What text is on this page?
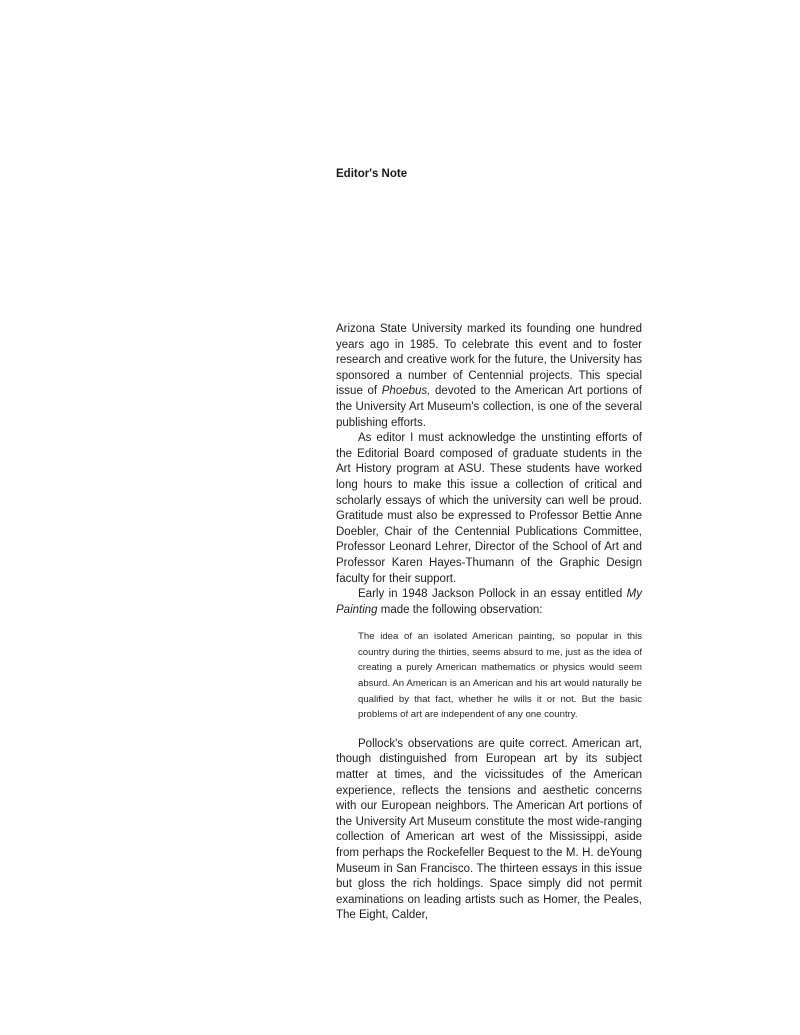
Editor's Note

Arizona State University marked its founding one hundred years ago in 1985. To celebrate this event and to foster research and creative work for the future, the University has sponsored a number of Centennial projects. This special issue of Phoebus, devoted to the American Art portions of the University Art Museum's collection, is one of the several publishing efforts.

As editor I must acknowledge the unstinting efforts of the Editorial Board composed of graduate students in the Art History program at ASU. These students have worked long hours to make this issue a collection of critical and scholarly essays of which the university can well be proud. Gratitude must also be expressed to Professor Bettie Anne Doebler, Chair of the Centennial Publications Committee, Professor Leonard Lehrer, Director of the School of Art and Professor Karen Hayes-Thumann of the Graphic Design faculty for their support.

Early in 1948 Jackson Pollock in an essay entitled My Painting made the following observation:

The idea of an isolated American painting, so popular in this country during the thirties, seems absurd to me, just as the idea of creating a purely American mathematics or physics would seem absurd. An American is an American and his art would naturally be qualified by that fact, whether he wills it or not. But the basic problems of art are independent of any one country.

Pollock's observations are quite correct. American art, though distinguished from European art by its subject matter at times, and the vicissitudes of the American experience, reflects the tensions and aesthetic concerns with our European neighbors. The American Art portions of the University Art Museum constitute the most wide-ranging collection of American art west of the Mississippi, aside from perhaps the Rockefeller Bequest to the M. H. deYoung Museum in San Francisco. The thirteen essays in this issue but gloss the rich holdings. Space simply did not permit examinations on leading artists such as Homer, the Peales, The Eight, Calder,
